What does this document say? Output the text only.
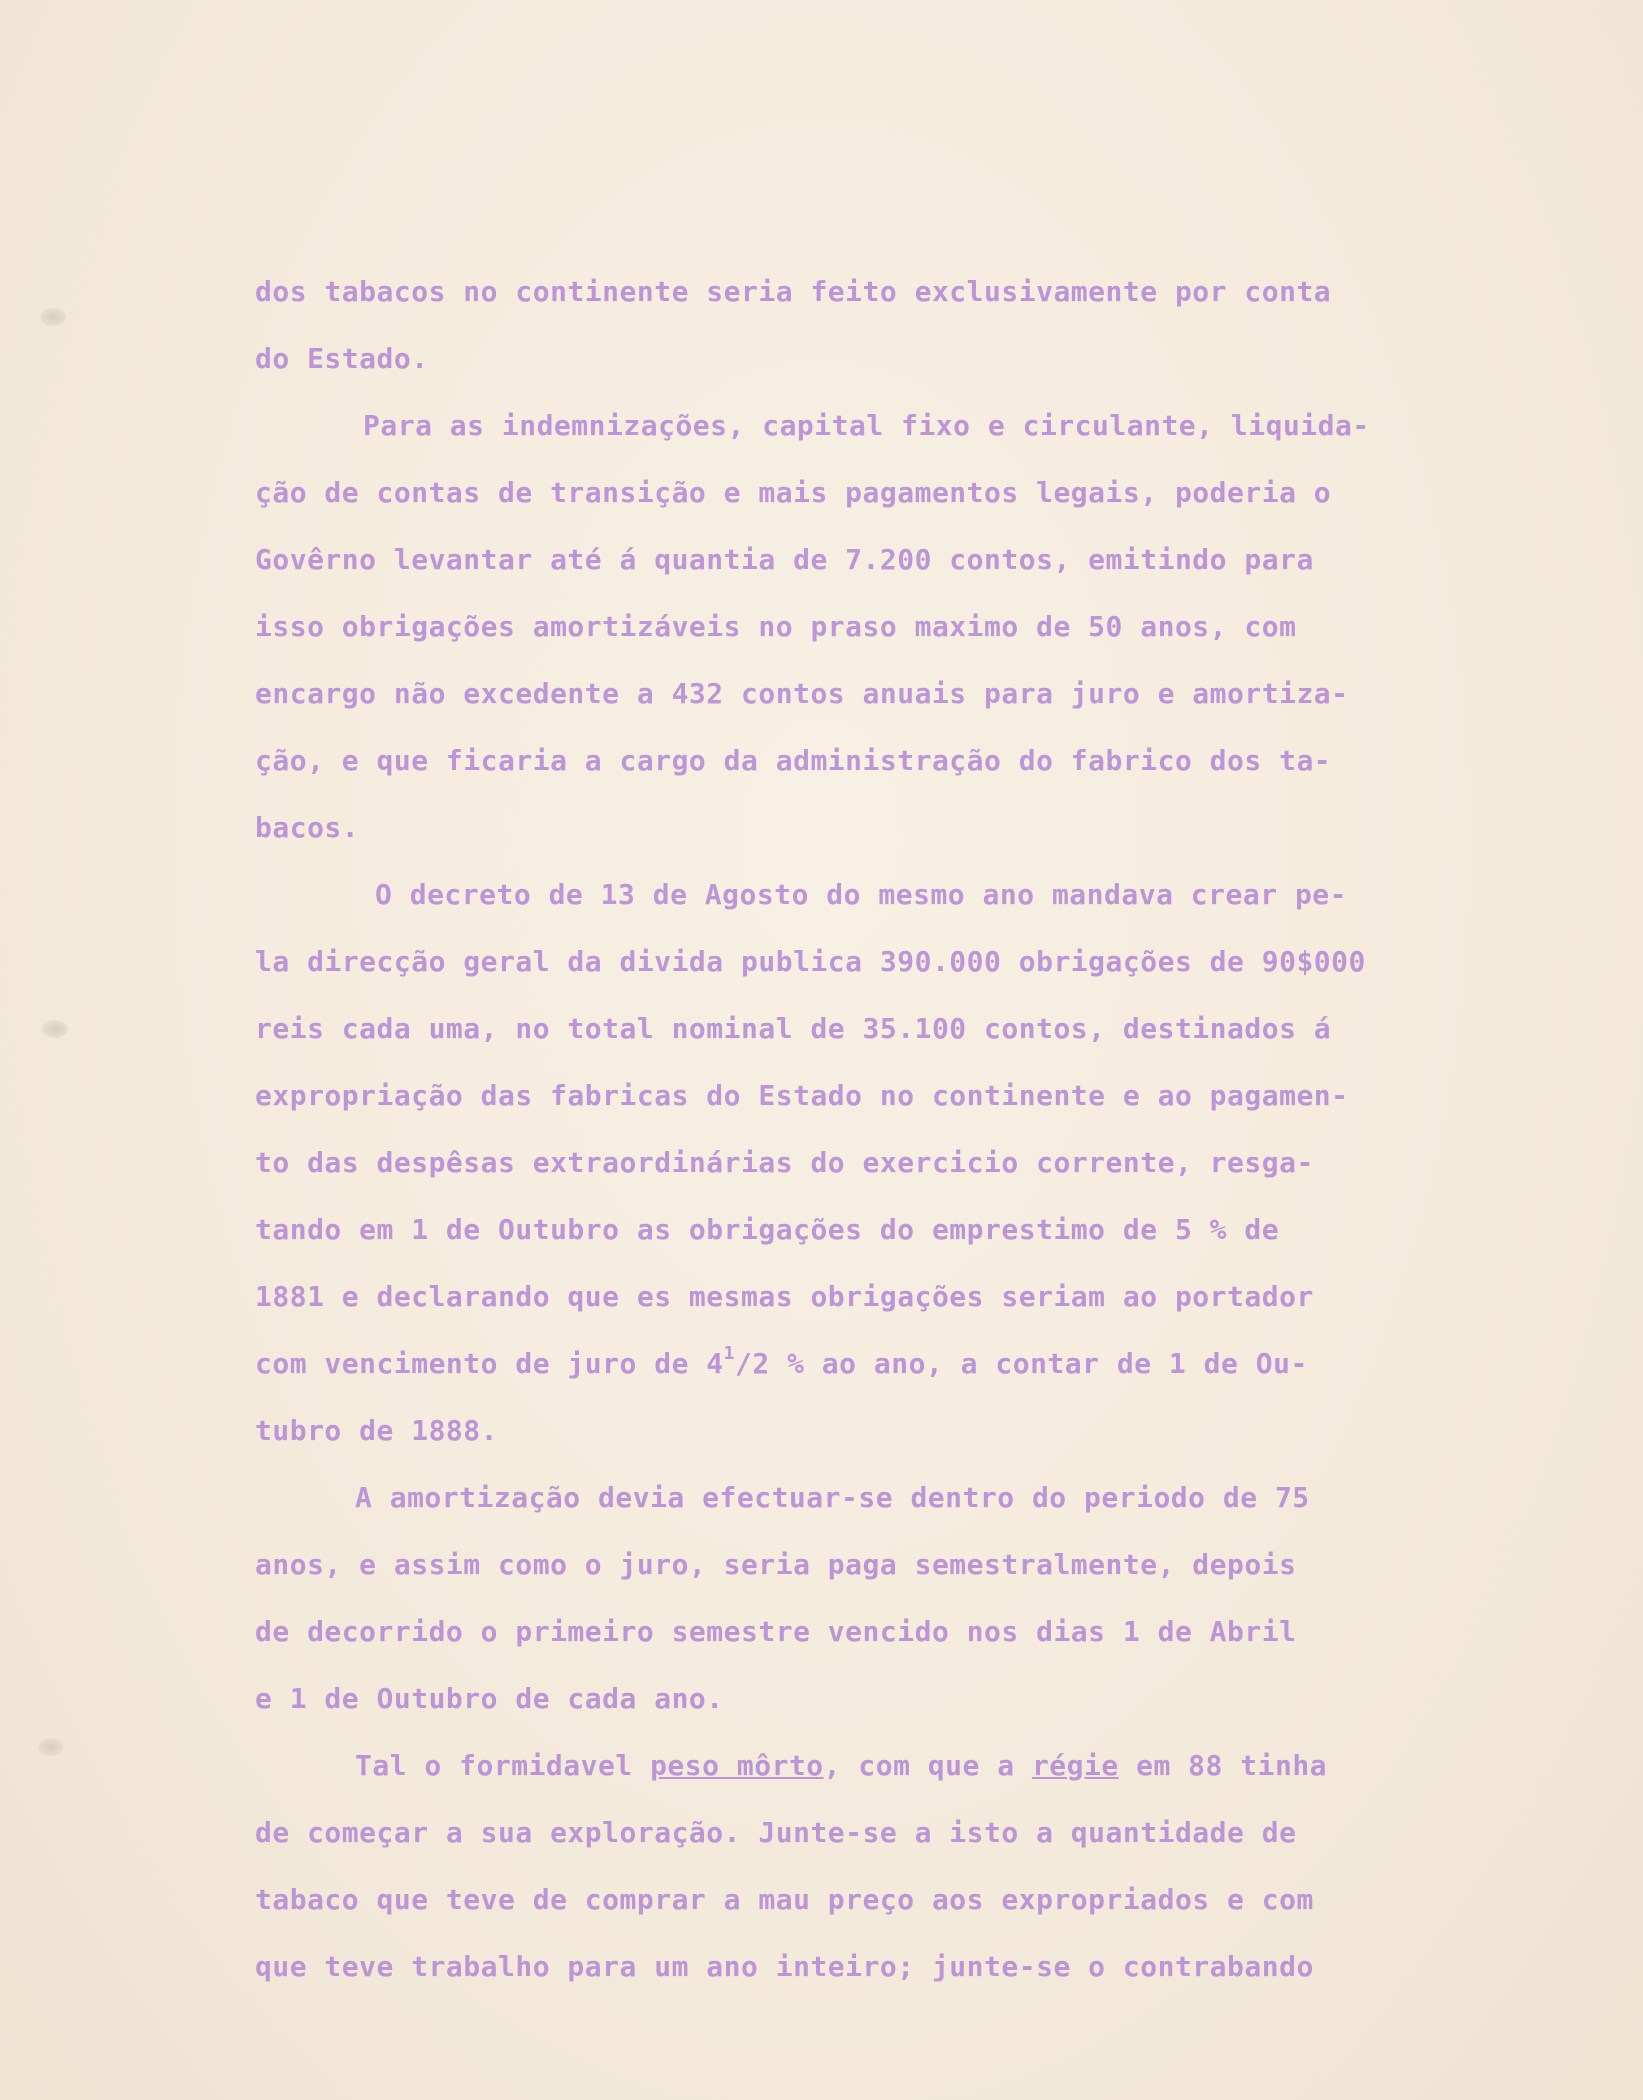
dos tabacos no continente seria feito exclusivamente por conta
do Estado.
Para as indemnizações, capital fixo e circulante, liquida-
ção de contas de transição e mais pagamentos legais, poderia o
Govêrno levantar até á quantia de 7.200 contos, emitindo para
isso obrigações amortizáveis no praso maximo de 50 anos, com
encargo não excedente a 432 contos anuais para juro e amortiza-
ção, e que ficaria a cargo da administração do fabrico dos ta-
bacos.
O decreto de 13 de Agosto do mesmo ano mandava crear pe-
la direcção geral da divida publica 390.000 obrigações de 90$000
reis cada uma, no total nominal de 35.100 contos, destinados á
expropriação das fabricas do Estado no continente e ao pagamen-
to das despêsas extraordinárias do exercicio corrente, resga-
tando em 1 de Outubro as obrigações do emprestimo de 5 % de
1881 e declarando que es mesmas obrigações seriam ao portador
com vencimento de juro de $4^1/2$ % ao ano, a contar de 1 de Ou-
tubro de 1888.
A amortização devia efectuar-se dentro do periodo de 75
anos, e assim como o juro, seria paga semestralmente, depois
de decorrido o primeiro semestre vencido nos dias 1 de Abril
e 1 de Outubro de cada ano.
Tal o formidavel peso môrto, com que a régie em 88 tinha
de começar a sua exploração. Junte-se a isto a quantidade de
tabaco que teve de comprar a mau preço aos expropriados e com
que teve trabalho para um ano inteiro; junte-se o contrabando
